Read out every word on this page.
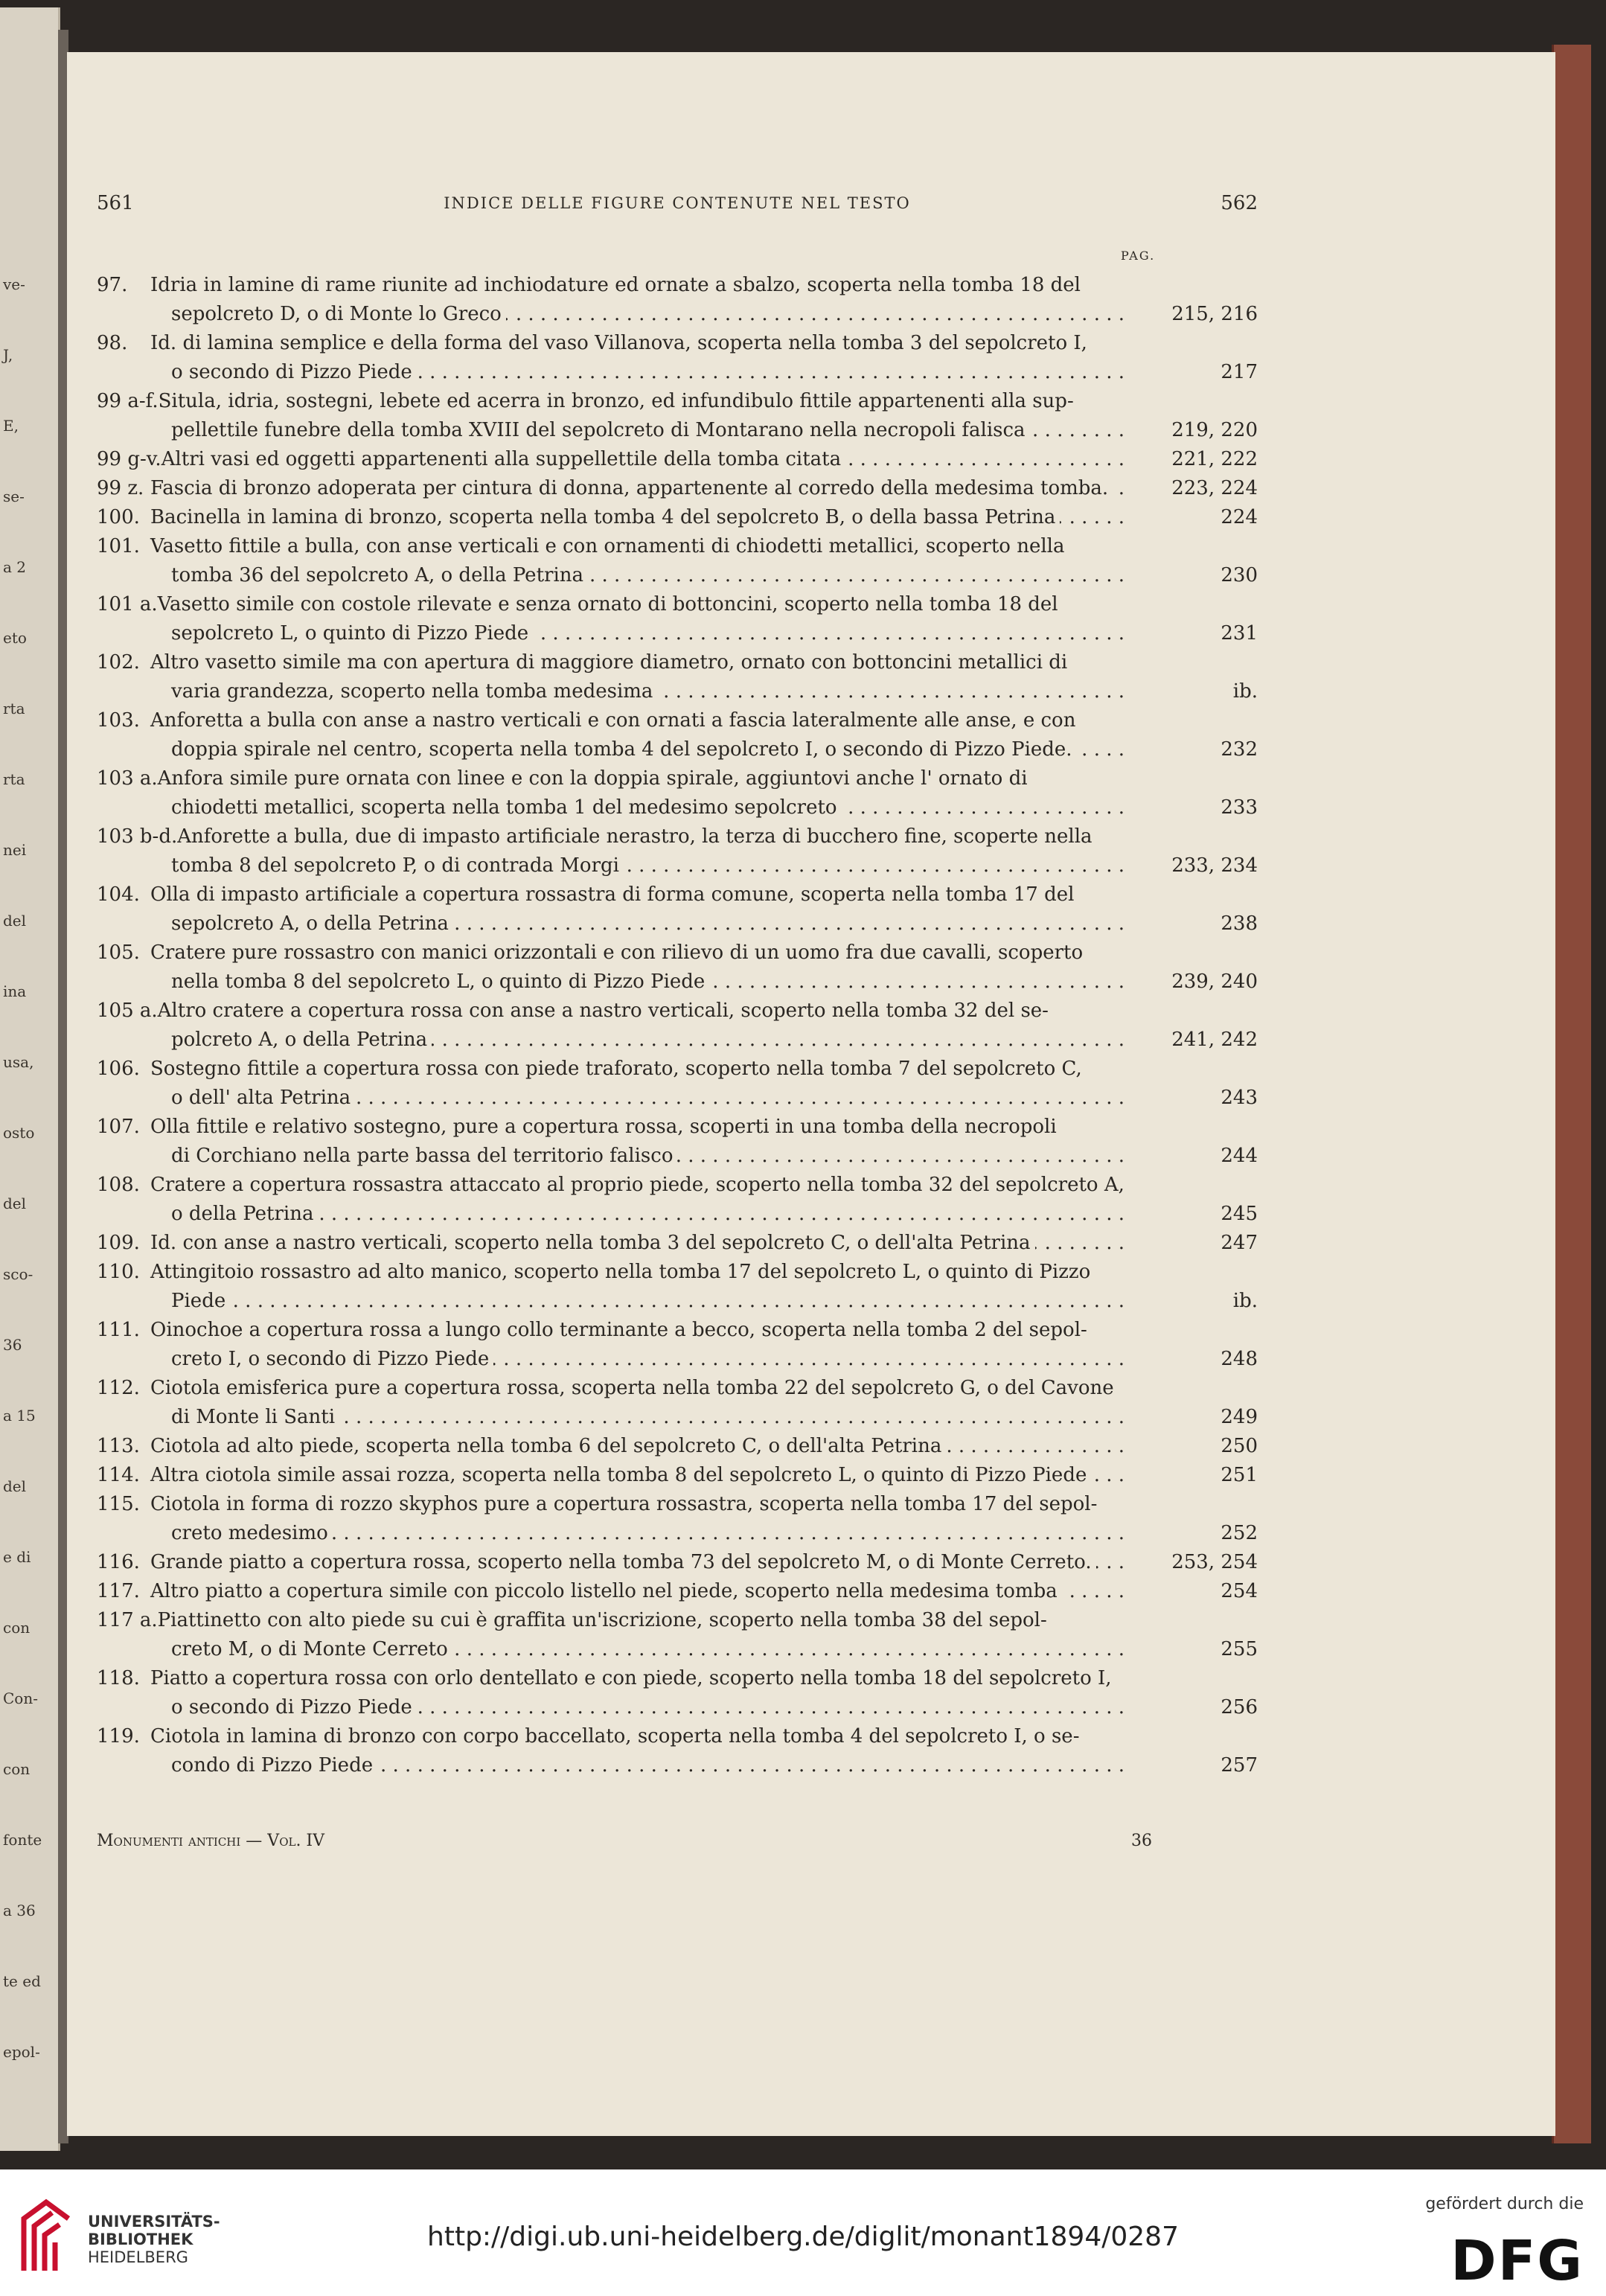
ve-
J,
E,
se-
a 2
eto
rta
rta
nei
del
ina
usa,
osto
del
sco-
36
a 15
del
e di
con
Con-
con
fonte
a 36
te ed
epol-
561	INDICE DELLE FIGURE CONTENUTE NEL TESTO	562
PAG.
97. Idria in lamine di rame riunite ad inchiodature ed ornate a sbalzo, scoperta nella tomba 18 del
sepolcreto D, o di Monte lo Greco	215, 216
. . .
98. Id. di lamina semplice e della forma del vaso Villanova, scoperta nella tomba 3 del sepolcreto I,
o secondo di Pizzo Piede	217
. . .
99 a-f.Situla, idria, sostegni, lebete ed acerra in bronzo, ed infundibulo fittile appartenenti alla sup-
pellettile funebre della tomba XVIII del sepolcreto di Montarano nella necropoli falisca	219, 220
. . .
99 g-v.Altri vasi ed oggetti appartenenti alla suppellettile della tomba citata	221, 222
. . .
99 z. Fascia di bronzo adoperata per cintura di donna, appartenente al corredo della medesima tomba.	223, 224
. . .
100. Bacinella in lamina di bronzo, scoperta nella tomba 4 del sepolcreto B, o della bassa Petrina	224
. . .
101. Vasetto fittile a bulla, con anse verticali e con ornamenti di chiodetti metallici, scoperto nella
tomba 36 del sepolcreto A, o della Petrina	230
. . .
101 a.Vasetto simile con costole rilevate e senza ornato di bottoncini, scoperto nella tomba 18 del
sepolcreto L, o quinto di Pizzo Piede	231
. . .
102. Altro vasetto simile ma con apertura di maggiore diametro, ornato con bottoncini metallici di
varia grandezza, scoperto nella tomba medesima	ib.
. . .
103. Anforetta a bulla con anse a nastro verticali e con ornati a fascia lateralmente alle anse, e con
doppia spirale nel centro, scoperta nella tomba 4 del sepolcreto I, o secondo di Pizzo Piede.	232
. . .
103 a.Anfora simile pure ornata con linee e con la doppia spirale, aggiuntovi anche l' ornato di
chiodetti metallici, scoperta nella tomba 1 del medesimo sepolcreto	233
. . .
103 b-d.Anforette a bulla, due di impasto artificiale nerastro, la terza di bucchero fine, scoperte nella
tomba 8 del sepolcreto P, o di contrada Morgi	233, 234
. . .
104. Olla di impasto artificiale a copertura rossastra di forma comune, scoperta nella tomba 17 del
sepolcreto A, o della Petrina	238
. . .
105. Cratere pure rossastro con manici orizzontali e con rilievo di un uomo fra due cavalli, scoperto
nella tomba 8 del sepolcreto L, o quinto di Pizzo Piede	239, 240
. . .
105 a.Altro cratere a copertura rossa con anse a nastro verticali, scoperto nella tomba 32 del se-
polcreto A, o della Petrina	241, 242
. . .
106. Sostegno fittile a copertura rossa con piede traforato, scoperto nella tomba 7 del sepolcreto C,
o dell' alta Petrina	243
. . .
107. Olla fittile e relativo sostegno, pure a copertura rossa, scoperti in una tomba della necropoli
di Corchiano nella parte bassa del territorio falisco	244
. . .
108. Cratere a copertura rossastra attaccato al proprio piede, scoperto nella tomba 32 del sepolcreto A,
o della Petrina	245
. . .
109. Id. con anse a nastro verticali, scoperto nella tomba 3 del sepolcreto C, o dell'alta Petrina	247
. . .
110. Attingitoio rossastro ad alto manico, scoperto nella tomba 17 del sepolcreto L, o quinto di Pizzo
Piede	ib.
. . .
111. Oinochoe a copertura rossa a lungo collo terminante a becco, scoperta nella tomba 2 del sepol-
creto I, o secondo di Pizzo Piede	248
. . .
112. Ciotola emisferica pure a copertura rossa, scoperta nella tomba 22 del sepolcreto G, o del Cavone
di Monte li Santi	249
. . .
113. Ciotola ad alto piede, scoperta nella tomba 6 del sepolcreto C, o dell'alta Petrina	250
. . .
114. Altra ciotola simile assai rozza, scoperta nella tomba 8 del sepolcreto L, o quinto di Pizzo Piede	251
. . .
115. Ciotola in forma di rozzo skyphos pure a copertura rossastra, scoperta nella tomba 17 del sepol-
creto medesimo	252
. . .
116. Grande piatto a copertura rossa, scoperto nella tomba 73 del sepolcreto M, o di Monte Cerreto.	253, 254
. . .
117. Altro piatto a copertura simile con piccolo listello nel piede, scoperto nella medesima tomba	254
. . .
117 a.Piattinetto con alto piede su cui è graffita un'iscrizione, scoperto nella tomba 38 del sepol-
creto M, o di Monte Cerreto	255
. . .
118. Piatto a copertura rossa con orlo dentellato e con piede, scoperto nella tomba 18 del sepolcreto I,
o secondo di Pizzo Piede	256
. . .
119. Ciotola in lamina di bronzo con corpo baccellato, scoperta nella tomba 4 del sepolcreto I, o se-
condo di Pizzo Piede	257
. . .
Monumenti antichi — Vol. IV	36
UNIVERSITÄTS-
BIBLIOTHEK
HEIDELBERG
http://digi.ub.uni-heidelberg.de/diglit/monant1894/0287
gefördert durch die
DFG
